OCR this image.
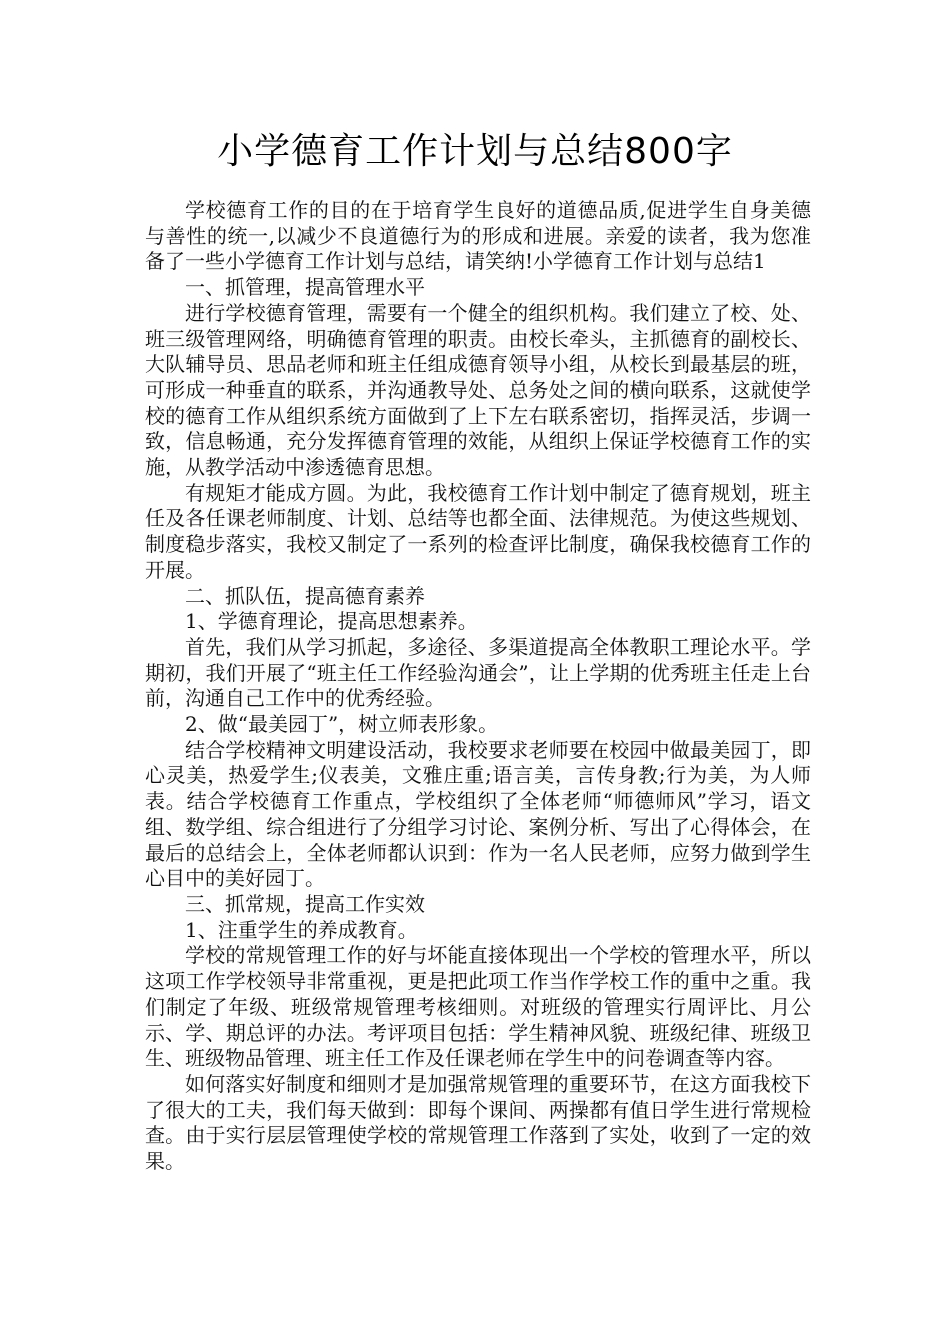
小学德育工作计划与总结800字

学校德育工作的目的在于培育学生良好的道德品质,促进学生自身美德与善性的统一,以减少不良道德行为的形成和进展。亲爱的读者，我为您准备了一些小学德育工作计划与总结，请笑纳!小学德育工作计划与总结1

一、抓管理，提高管理水平

进行学校德育管理，需要有一个健全的组织机构。我们建立了校、处、班三级管理网络，明确德育管理的职责。由校长牵头，主抓德育的副校长、大队辅导员、思品老师和班主任组成德育领导小组，从校长到最基层的班，可形成一种垂直的联系，并沟通教导处、总务处之间的横向联系，这就使学校的德育工作从组织系统方面做到了上下左右联系密切，指挥灵活，步调一致，信息畅通，充分发挥德育管理的效能，从组织上保证学校德育工作的实施，从教学活动中渗透德育思想。

有规矩才能成方圆。为此，我校德育工作计划中制定了德育规划，班主任及各任课老师制度、计划、总结等也都全面、法律规范。为使这些规划、制度稳步落实，我校又制定了一系列的检查评比制度，确保我校德育工作的开展。

二、抓队伍，提高德育素养

1、学德育理论，提高思想素养。

首先，我们从学习抓起，多途径、多渠道提高全体教职工理论水平。学期初，我们开展了“班主任工作经验沟通会”，让上学期的优秀班主任走上台前，沟通自己工作中的优秀经验。

2、做“最美园丁”，树立师表形象。

结合学校精神文明建设活动，我校要求老师要在校园中做最美园丁，即心灵美，热爱学生;仪表美，文雅庄重;语言美，言传身教;行为美，为人师表。结合学校德育工作重点，学校组织了全体老师“师德师风”学习，语文组、数学组、综合组进行了分组学习讨论、案例分析、写出了心得体会，在最后的总结会上，全体老师都认识到：作为一名人民老师，应努力做到学生心目中的美好园丁。

三、抓常规，提高工作实效

1、注重学生的养成教育。

学校的常规管理工作的好与坏能直接体现出一个学校的管理水平，所以这项工作学校领导非常重视，更是把此项工作当作学校工作的重中之重。我们制定了年级、班级常规管理考核细则。对班级的管理实行周评比、月公示、学、期总评的办法。考评项目包括：学生精神风貌、班级纪律、班级卫生、班级物品管理、班主任工作及任课老师在学生中的问卷调查等内容。

如何落实好制度和细则才是加强常规管理的重要环节，在这方面我校下了很大的工夫，我们每天做到：即每个课间、两操都有值日学生进行常规检查。由于实行层层管理使学校的常规管理工作落到了实处，收到了一定的效果。
